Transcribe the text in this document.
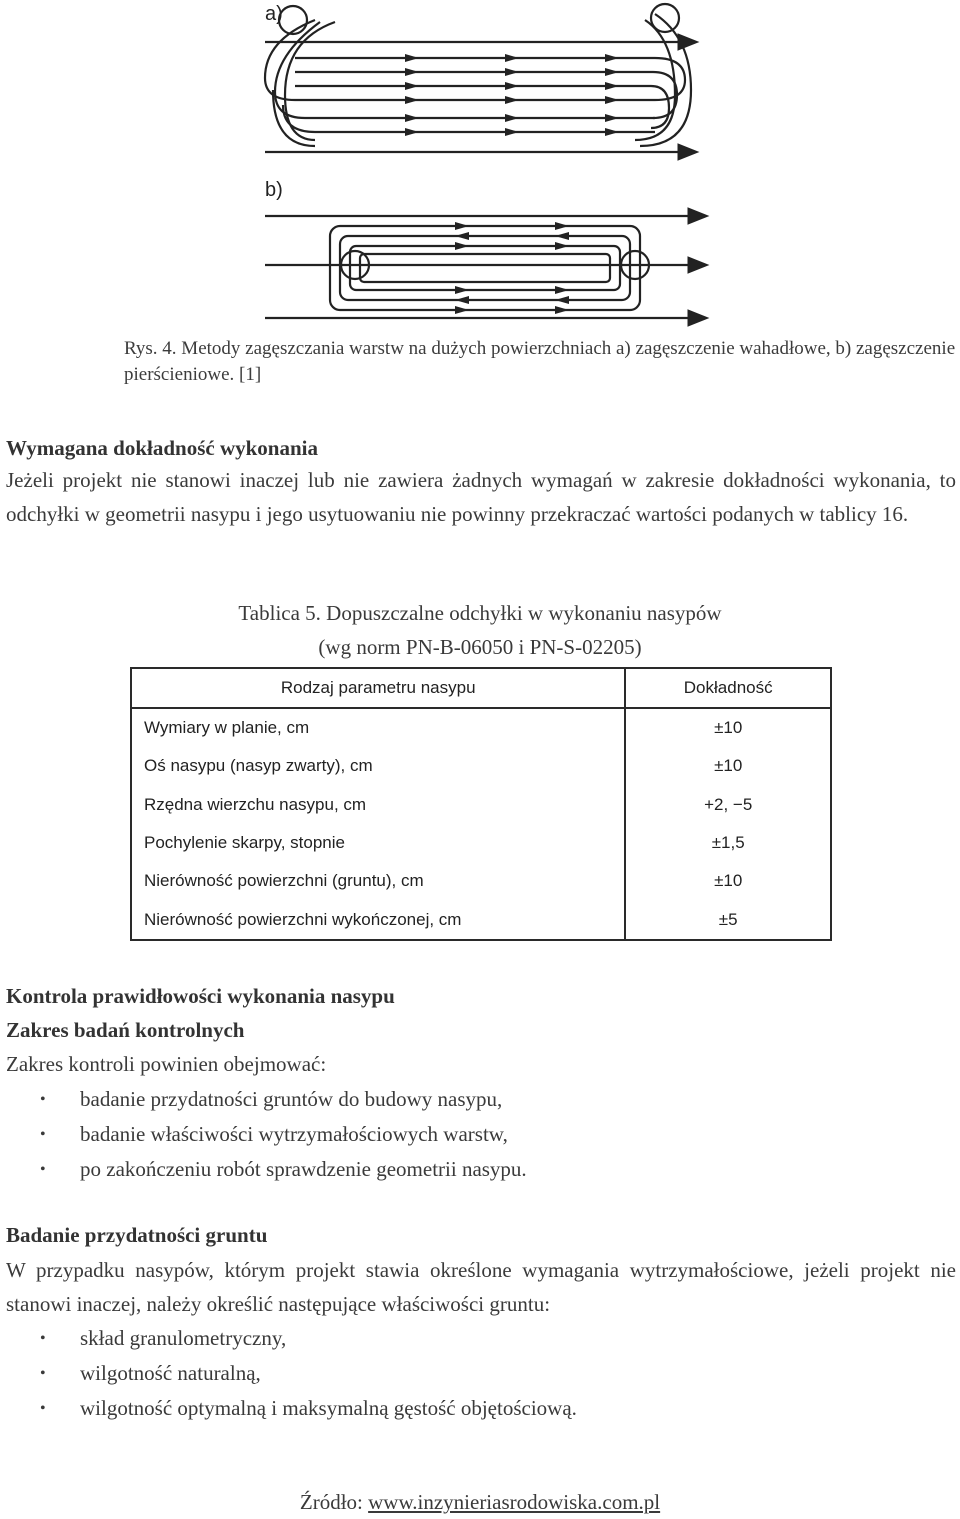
a)
b)
Rys. 4. Metody zagęszczania warstw na dużych powierzchniach a) zagęszczenie wahadłowe, b) zagęszczenie pierścieniowe. [1]
Wymagana dokładność wykonania
Jeżeli projekt nie stanowi inaczej lub nie zawiera żadnych wymagań w zakresie dokładności wykonania, to odchyłki w geometrii nasypu i jego usytuowaniu nie powinny przekraczać wartości podanych w tablicy 16.
Tablica 5. Dopuszczalne odchyłki w wykonaniu nasypów
(wg norm PN-B-06050 i PN-S-02205)
Rodzaj parametru nasypu	Dokładność
Wymiary w planie, cm	±10
Oś nasypu (nasyp zwarty), cm	±10
Rzędna wierzchu nasypu, cm	+2, −5
Pochylenie skarpy, stopnie	±1,5
Nierówność powierzchni (gruntu), cm	±10
Nierówność powierzchni wykończonej, cm	±5
Kontrola prawidłowości wykonania nasypu
Zakres badań kontrolnych
Zakres kontroli powinien obejmować:
• badanie przydatności gruntów do budowy nasypu,
• badanie właściwości wytrzymałościowych warstw,
• po zakończeniu robót sprawdzenie geometrii nasypu.
Badanie przydatności gruntu
W przypadku nasypów, którym projekt stawia określone wymagania wytrzymałościowe, jeżeli projekt nie stanowi inaczej, należy określić następujące właściwości gruntu:
• skład granulometryczny,
• wilgotność naturalną,
• wilgotność optymalną i maksymalną gęstość objętościową.
Źródło: www.inzynieriasrodowiska.com.pl
